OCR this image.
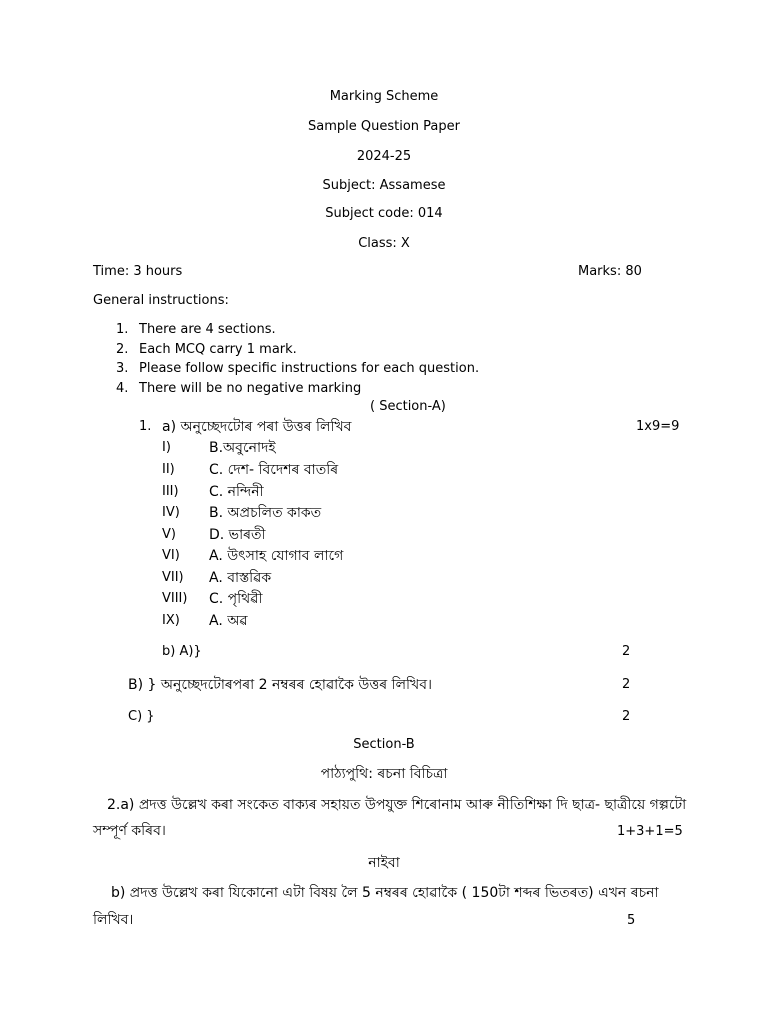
Marking Scheme
Sample Question Paper
2024-25
Subject: Assamese
Subject code: 014
Class: X
Time: 3 hours	Marks: 80
General instructions:
1. There are 4 sections.
2. Each MCQ carry 1 mark.
3. Please follow specific instructions for each question.
4. There will be no negative marking
( Section-A)
1. a) অনুচ্ছেদটোৰ পৰা উত্তৰ লিখিব	1x9=9
I)	B.অবুনোদই
II) C. দেশ- বিদেশৰ বাতৰি
III) C. নন্দিনী
IV) B. অপ্ৰচলিত কাকত
V) D. ভাৰতী
VI) A. উৎসাহ যোগাব লাগে
VII) A. বাস্তৱিক
VIII) C. পৃথিৱী
IX) A. অৱ
b) A)}	2
B) } অনুচ্ছেদটোৰপৰা 2 নম্বৰৰ হোৱাকৈ উত্তৰ লিখিব।	2
C) }	2
Section-B
পাঠ্যপুথি: ৰচনা বিচিত্ৰা
2.a) প্ৰদত্ত উল্লেখ কৰা সংকেত বাক্যৰ সহায়ত উপযুক্ত শিৰোনাম আৰু নীতিশিক্ষা দি ছাত্ৰ- ছাত্ৰীয়ে গল্পটো
সম্পূৰ্ণ কৰিব।	1+3+1=5
নাইবা
b) প্ৰদত্ত উল্লেখ কৰা যিকোনো এটা বিষয় লৈ 5 নম্বৰৰ হোৱাকৈ ( 150টা শব্দৰ ভিতৰত) এখন ৰচনা
লিখিব।	5
